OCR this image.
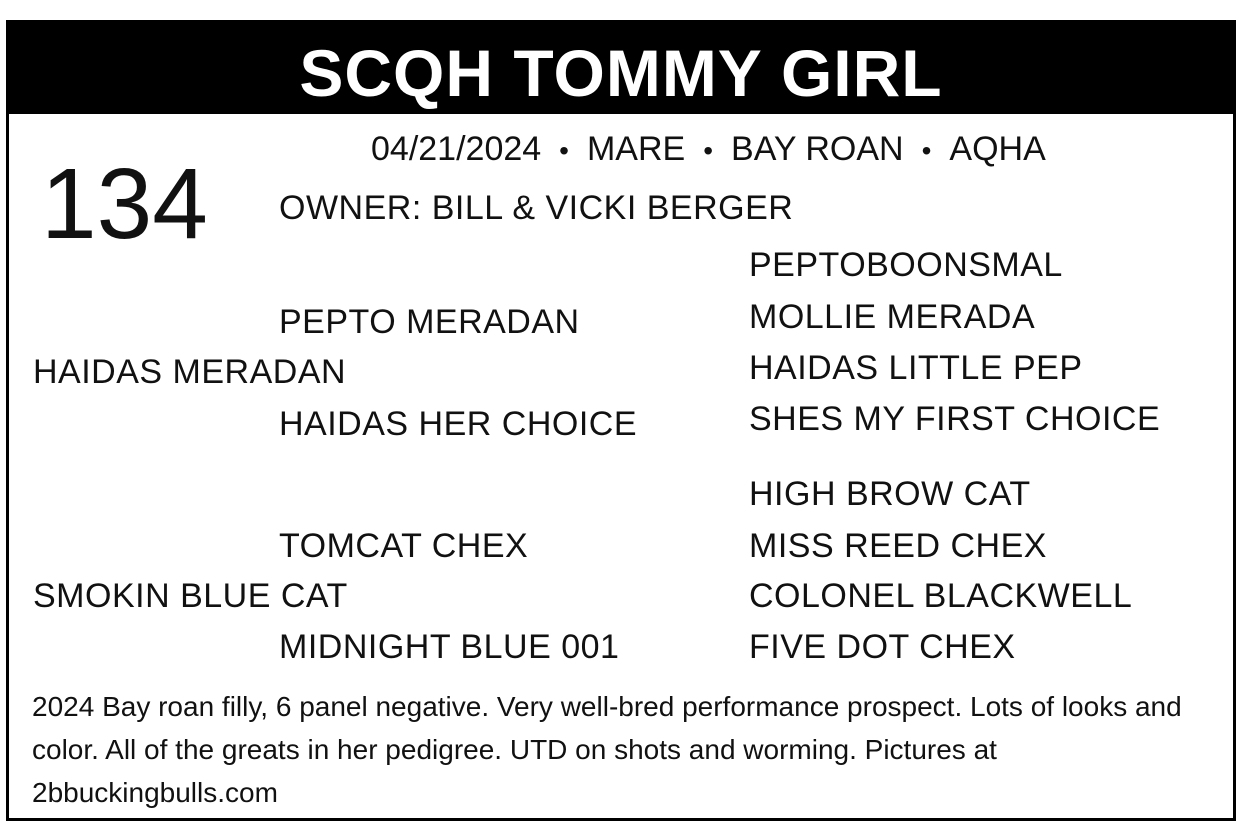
SCQH TOMMY GIRL
134	04/21/2024 • MARE • BAY ROAN • AQHA
OWNER: BILL & VICKI BERGER
PEPTOBOONSMAL
PEPTO MERADAN	MOLLIE MERADA
HAIDAS MERADAN	HAIDAS LITTLE PEP
HAIDAS HER CHOICE	SHES MY FIRST CHOICE
HIGH BROW CAT
TOMCAT CHEX	MISS REED CHEX
SMOKIN BLUE CAT	COLONEL BLACKWELL
MIDNIGHT BLUE 001	FIVE DOT CHEX
2024 Bay roan filly, 6 panel negative. Very well-bred performance prospect. Lots of looks and color. All of the greats in her pedigree. UTD on shots and worming. Pictures at 2bbuckingbulls.com
